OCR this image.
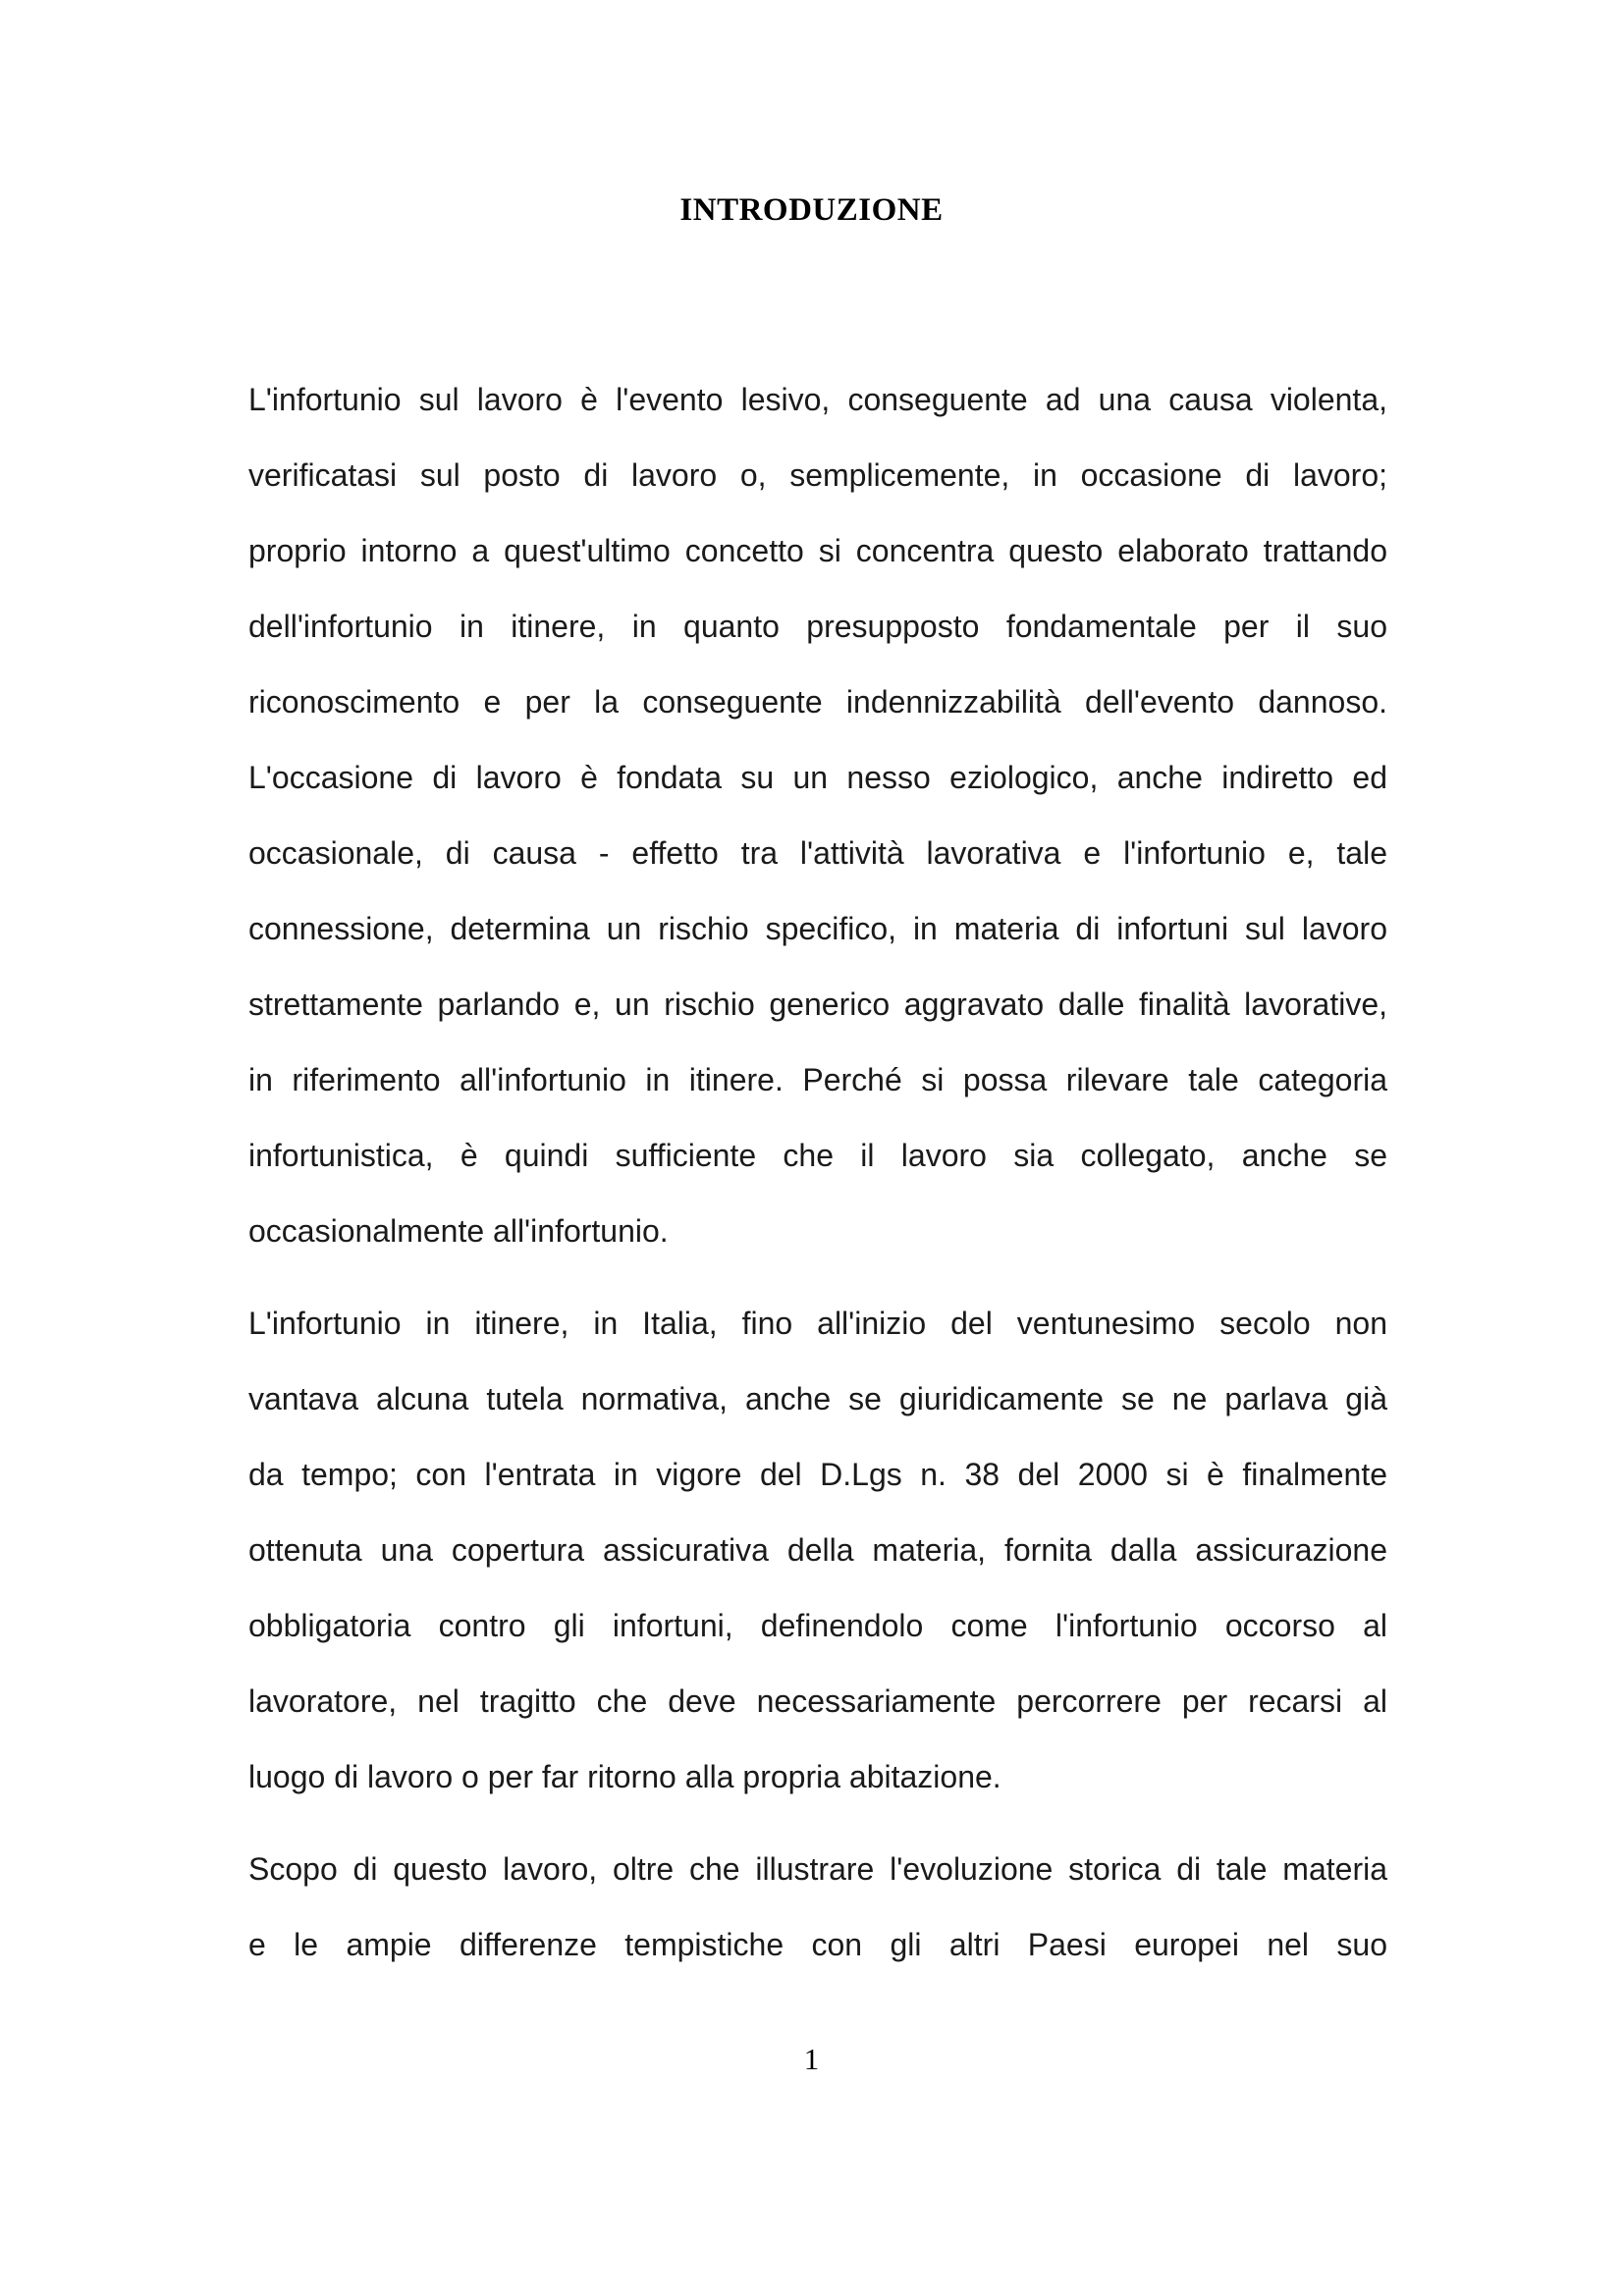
INTRODUZIONE

L'infortunio sul lavoro è l'evento lesivo, conseguente ad una causa violenta,
verificatasi sul posto di lavoro o, semplicemente, in occasione di lavoro;
proprio intorno a quest'ultimo concetto si concentra questo elaborato trattando
dell'infortunio in itinere, in quanto presupposto fondamentale per il suo
riconoscimento e per la conseguente indennizzabilità dell'evento dannoso.
L'occasione di lavoro è fondata su un nesso eziologico, anche indiretto ed
occasionale, di causa - effetto tra l'attività lavorativa e l'infortunio e, tale
connessione, determina un rischio specifico, in materia di infortuni sul lavoro
strettamente parlando e, un rischio generico aggravato dalle finalità lavorative,
in riferimento all'infortunio in itinere. Perché si possa rilevare tale categoria
infortunistica, è quindi sufficiente che il lavoro sia collegato, anche se
occasionalmente all'infortunio.

L'infortunio in itinere, in Italia, fino all'inizio del ventunesimo secolo non
vantava alcuna tutela normativa, anche se giuridicamente se ne parlava già
da tempo; con l'entrata in vigore del D.Lgs n. 38 del 2000 si è finalmente
ottenuta una copertura assicurativa della materia, fornita dalla assicurazione
obbligatoria contro gli infortuni, definendolo come l'infortunio occorso al
lavoratore, nel tragitto che deve necessariamente percorrere per recarsi al
luogo di lavoro o per far ritorno alla propria abitazione.

Scopo di questo lavoro, oltre che illustrare l'evoluzione storica di tale materia
e le ampie differenze tempistiche con gli altri Paesi europei nel suo

1
